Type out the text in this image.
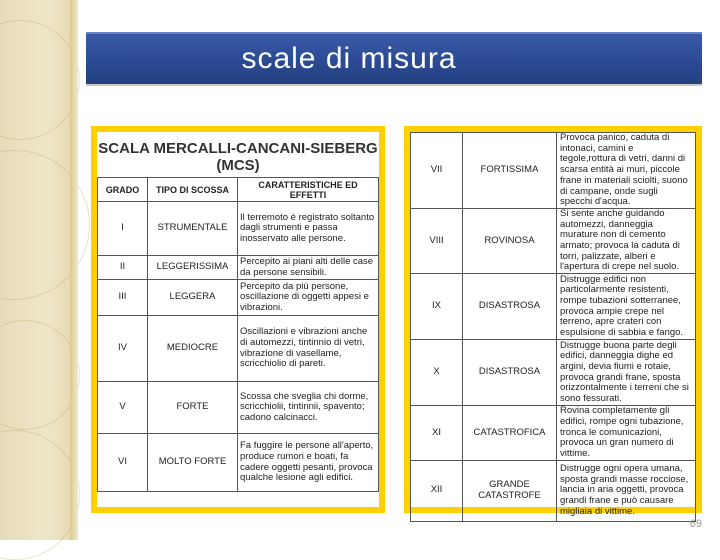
scale di misura
SCALA MERCALLI-CANCANI-SIEBERG (MCS)
GRADO	TIPO DI SCOSSA	CARATTERISTICHE ED EFFETTI
I	STRUMENTALE	Il terremoto è registrato soltanto dagli strumenti e passa inosservato alle persone.
II	LEGGERISSIMA	Percepito ai piani alti delle case da persone sensibili.
III	LEGGERA	Percepito da più persone, oscillazione di oggetti appesi e vibrazioni.
IV	MEDIOCRE	Oscillazioni e vibrazioni anche di automezzi, tintinnio di vetri, vibrazione di vasellame, scricchiolio di pareti.
V	FORTE	Scossa che sveglia chi dorme, scricchiolii, tintinnii, spavento; cadono calcinacci.
VI	MOLTO FORTE	Fa fuggire le persone all'aperto, produce rumori e boati, fa cadere oggetti pesanti, provoca qualche lesione agli edifici.
VII	FORTISSIMA	Provoca panico, caduta di intonaci, camini e tegole,rottura di vetri, danni di scarsa entità ai muri, piccole frane in materiali sciolti, suono di campane, onde sugli specchi d'acqua.
VIII	ROVINOSA	Si sente anche guidando automezzi, danneggia murature non di cemento armato; provoca la caduta di torri, palizzate, alberi e l'apertura di crepe nel suolo.
IX	DISASTROSA	Distrugge edifici non particolarmente resistenti, rompe tubazioni sotterranee, provoca ampie crepe nel terreno, apre crateri con espulsione di sabbia e fango.
X	DISASTROSA	Distrugge buona parte degli edifici, danneggia dighe ed argini, devia fiumi e rotaie, provoca grandi frane, sposta orizzontalmente i terreni che si sono fessurati.
XI	CATASTROFICA	Rovina completamente gli edifici, rompe ogni tubazione, tronca le comunicazioni, provoca un gran numero di vittime.
XII	GRANDE CATASTROFE	Distrugge ogni opera umana, sposta grandi masse rocciose, lancia in aria oggetti, provoca grandi frane e può causare migliaia di vittime.
69
